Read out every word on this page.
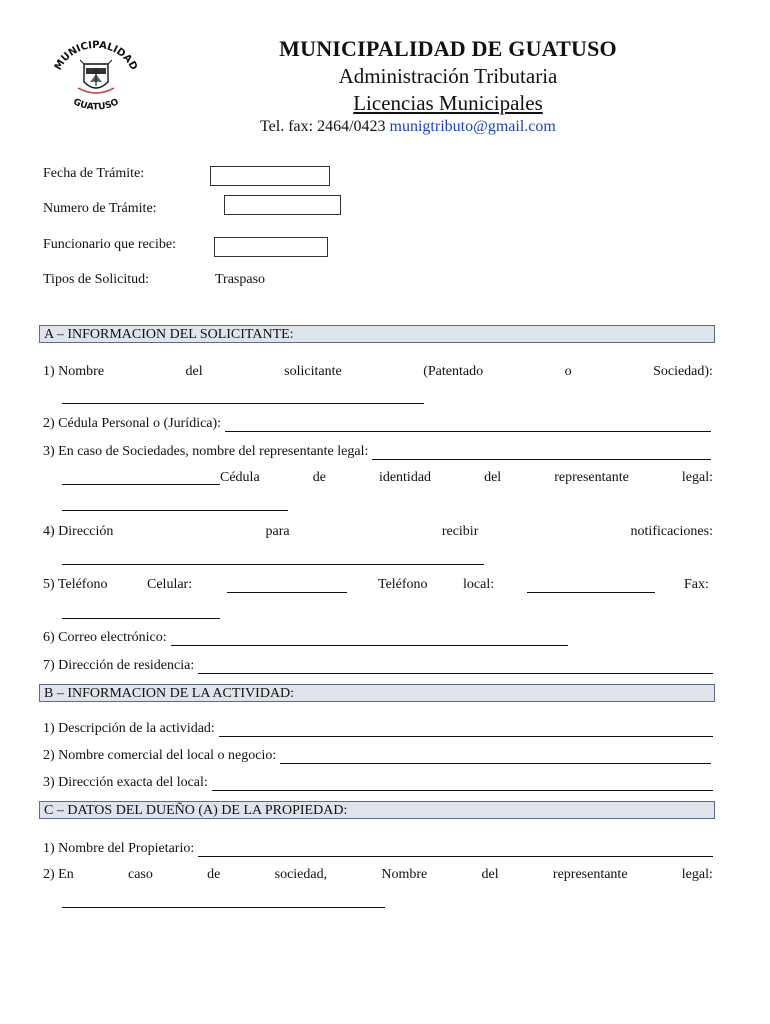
MUNICIPALIDAD
GUATUSO
MUNICIPALIDAD DE GUATUSO
Administración Tributaria
Licencias Municipales
Tel. fax: 2464/0423 munigtributo@gmail.com
Fecha de Trámite:
Numero de Trámite:
Funcionario que recibe:
Tipos de Solicitud:	Traspaso
A – INFORMACION DEL SOLICITANTE:
1) Nombre	del	solicitante	(Patentado	o	Sociedad):
2) Cédula Personal o (Jurídica):
3) En caso de Sociedades, nombre del representante legal:
Cédula	de	identidad	del	representante	legal:
4) Dirección	para	recibir	notificaciones:
5) Teléfono	Celular:	Teléfono	local:	Fax:
6) Correo electrónico:
7) Dirección de residencia:
B – INFORMACION DE LA ACTIVIDAD:
1) Descripción de la actividad:
2) Nombre comercial del local o negocio:
3) Dirección exacta del local:
C – DATOS DEL DUEÑO (A) DE LA PROPIEDAD:
1) Nombre del Propietario:
2) En	caso	de	sociedad,	Nombre	del	representante	legal:
